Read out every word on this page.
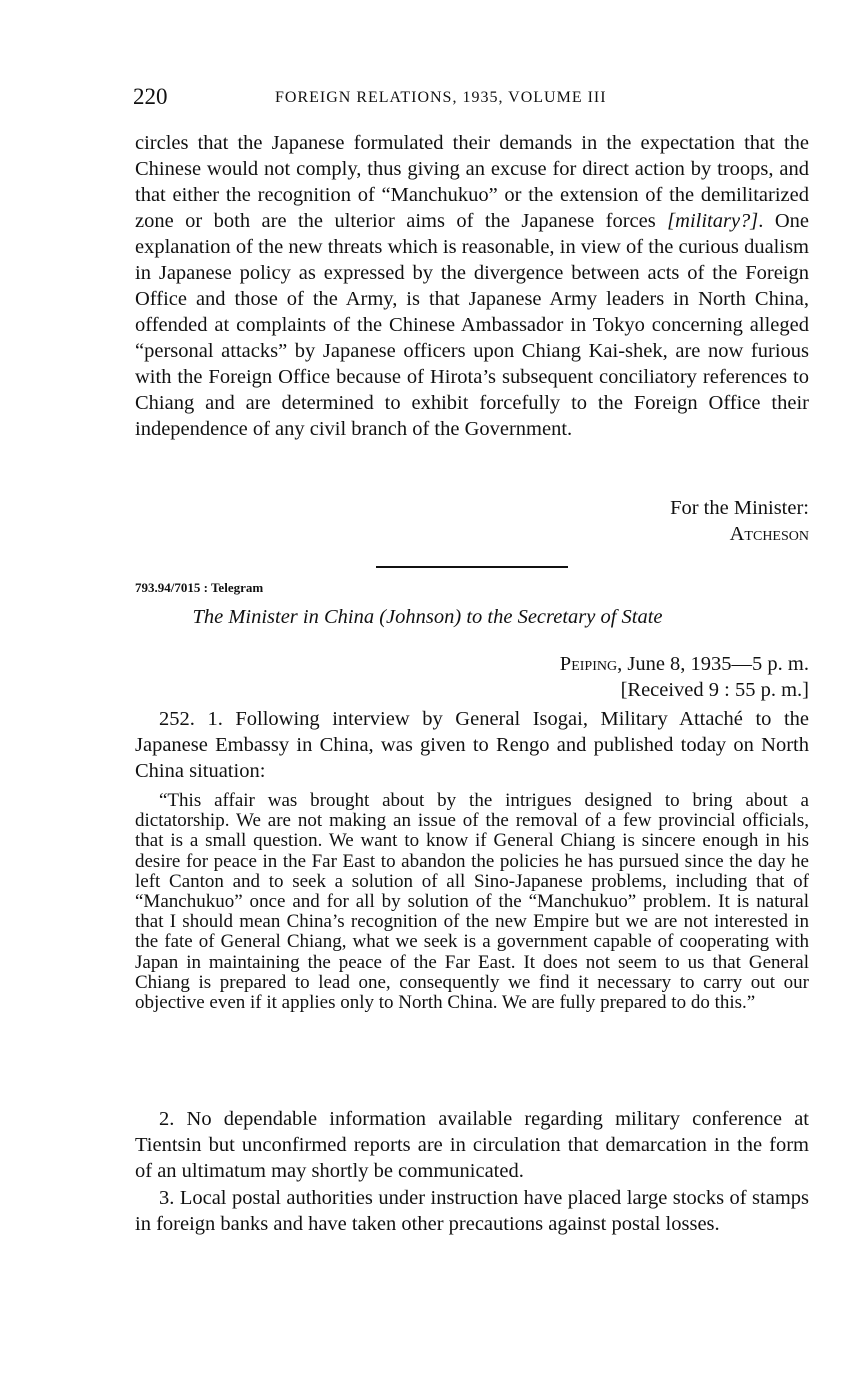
220	FOREIGN RELATIONS, 1935, VOLUME III

circles that the Japanese formulated their demands in the expectation that the Chinese would not comply, thus giving an excuse for direct action by troops, and that either the recognition of “Manchukuo” or the extension of the demilitarized zone or both are the ulterior aims of the Japanese forces [military?]. One explanation of the new threats which is reasonable, in view of the curious dualism in Japanese policy as expressed by the divergence between acts of the Foreign Office and those of the Army, is that Japanese Army leaders in North China, offended at complaints of the Chinese Ambassador in Tokyo concerning alleged “personal attacks” by Japanese officers upon Chiang Kai-shek, are now furious with the Foreign Office because of Hirota’s subsequent conciliatory references to Chiang and are determined to exhibit forcefully to the Foreign Office their independence of any civil branch of the Government.

For the Minister:
Atcheson
793.94/7015 : Telegram
The Minister in China (Johnson) to the Secretary of State
Peiping, June 8, 1935—5 p. m.
[Received 9 : 55 p. m.]

252. 1. Following interview by General Isogai, Military Attaché to the Japanese Embassy in China, was given to Rengo and published today on North China situation:

“This affair was brought about by the intrigues designed to bring about a dictatorship. We are not making an issue of the removal of a few provincial officials, that is a small question. We want to know if General Chiang is sincere enough in his desire for peace in the Far East to abandon the policies he has pursued since the day he left Canton and to seek a solution of all Sino-Japanese problems, including that of “Manchukuo” once and for all by solution of the “Manchukuo” problem. It is natural that I should mean China’s recognition of the new Empire but we are not interested in the fate of General Chiang, what we seek is a government capable of cooperating with Japan in maintaining the peace of the Far East. It does not seem to us that General Chiang is prepared to lead one, consequently we find it necessary to carry out our objective even if it applies only to North China. We are fully prepared to do this.”

2. No dependable information available regarding military conference at Tientsin but unconfirmed reports are in circulation that demarcation in the form of an ultimatum may shortly be communicated.

3. Local postal authorities under instruction have placed large stocks of stamps in foreign banks and have taken other precautions against postal losses.
